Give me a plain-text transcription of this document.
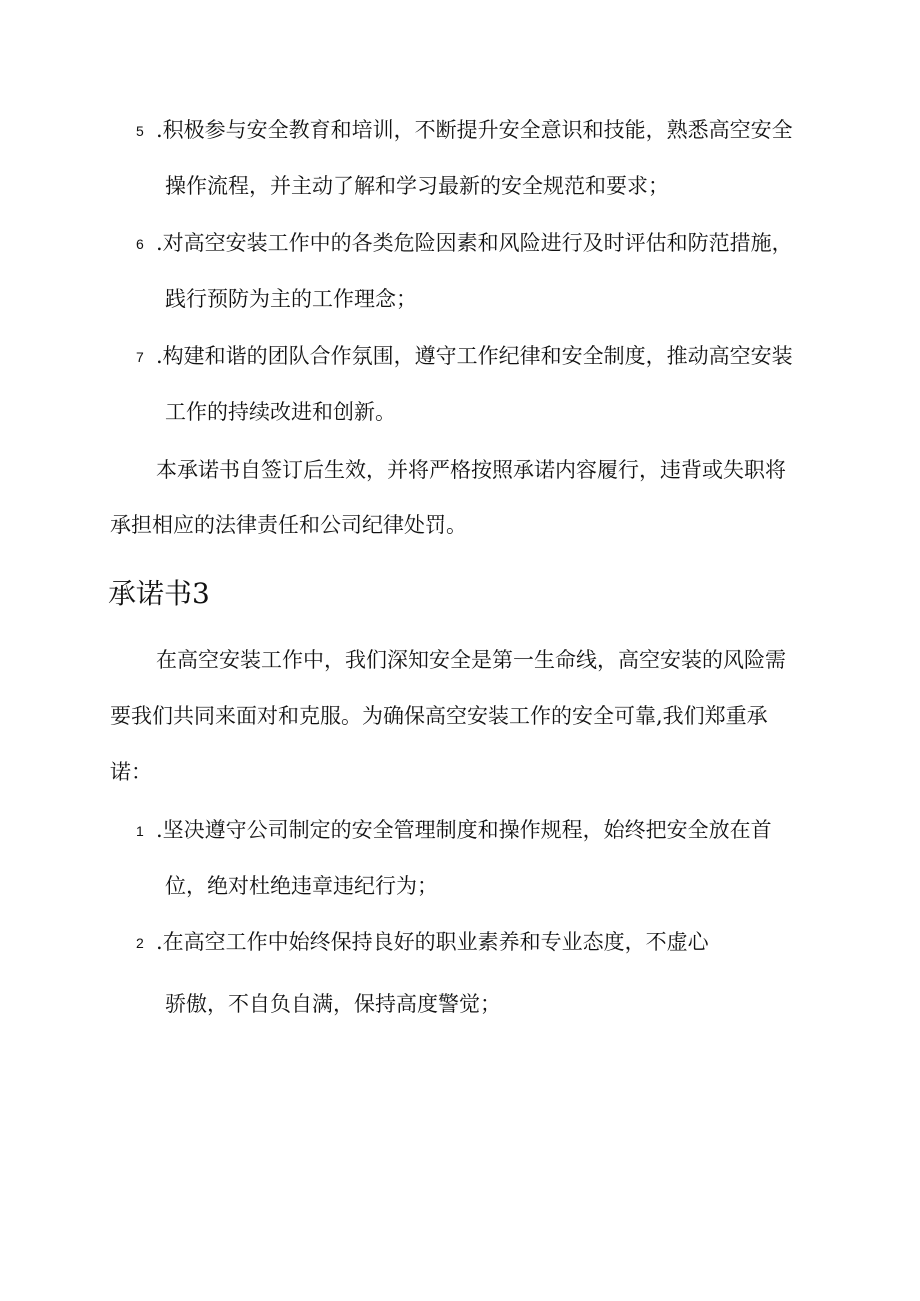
5 .积极参与安全教育和培训，不断提升安全意识和技能，熟悉高空安全
操作流程，并主动了解和学习最新的安全规范和要求；
6 .对高空安装工作中的各类危险因素和风险进行及时评估和防范措施，
践行预防为主的工作理念；
7 .构建和谐的团队合作氛围，遵守工作纪律和安全制度，推动高空安装
工作的持续改进和创新。
本承诺书自签订后生效，并将严格按照承诺内容履行，违背或失职将
承担相应的法律责任和公司纪律处罚。
承诺书3
在高空安装工作中，我们深知安全是第一生命线，高空安装的风险需
要我们共同来面对和克服。为确保高空安装工作的安全可靠,我们郑重承
诺：
1 .坚决遵守公司制定的安全管理制度和操作规程，始终把安全放在首
位，绝对杜绝违章违纪行为；
2 .在高空工作中始终保持良好的职业素养和专业态度，不虚心
骄傲，不自负自满，保持高度警觉；
